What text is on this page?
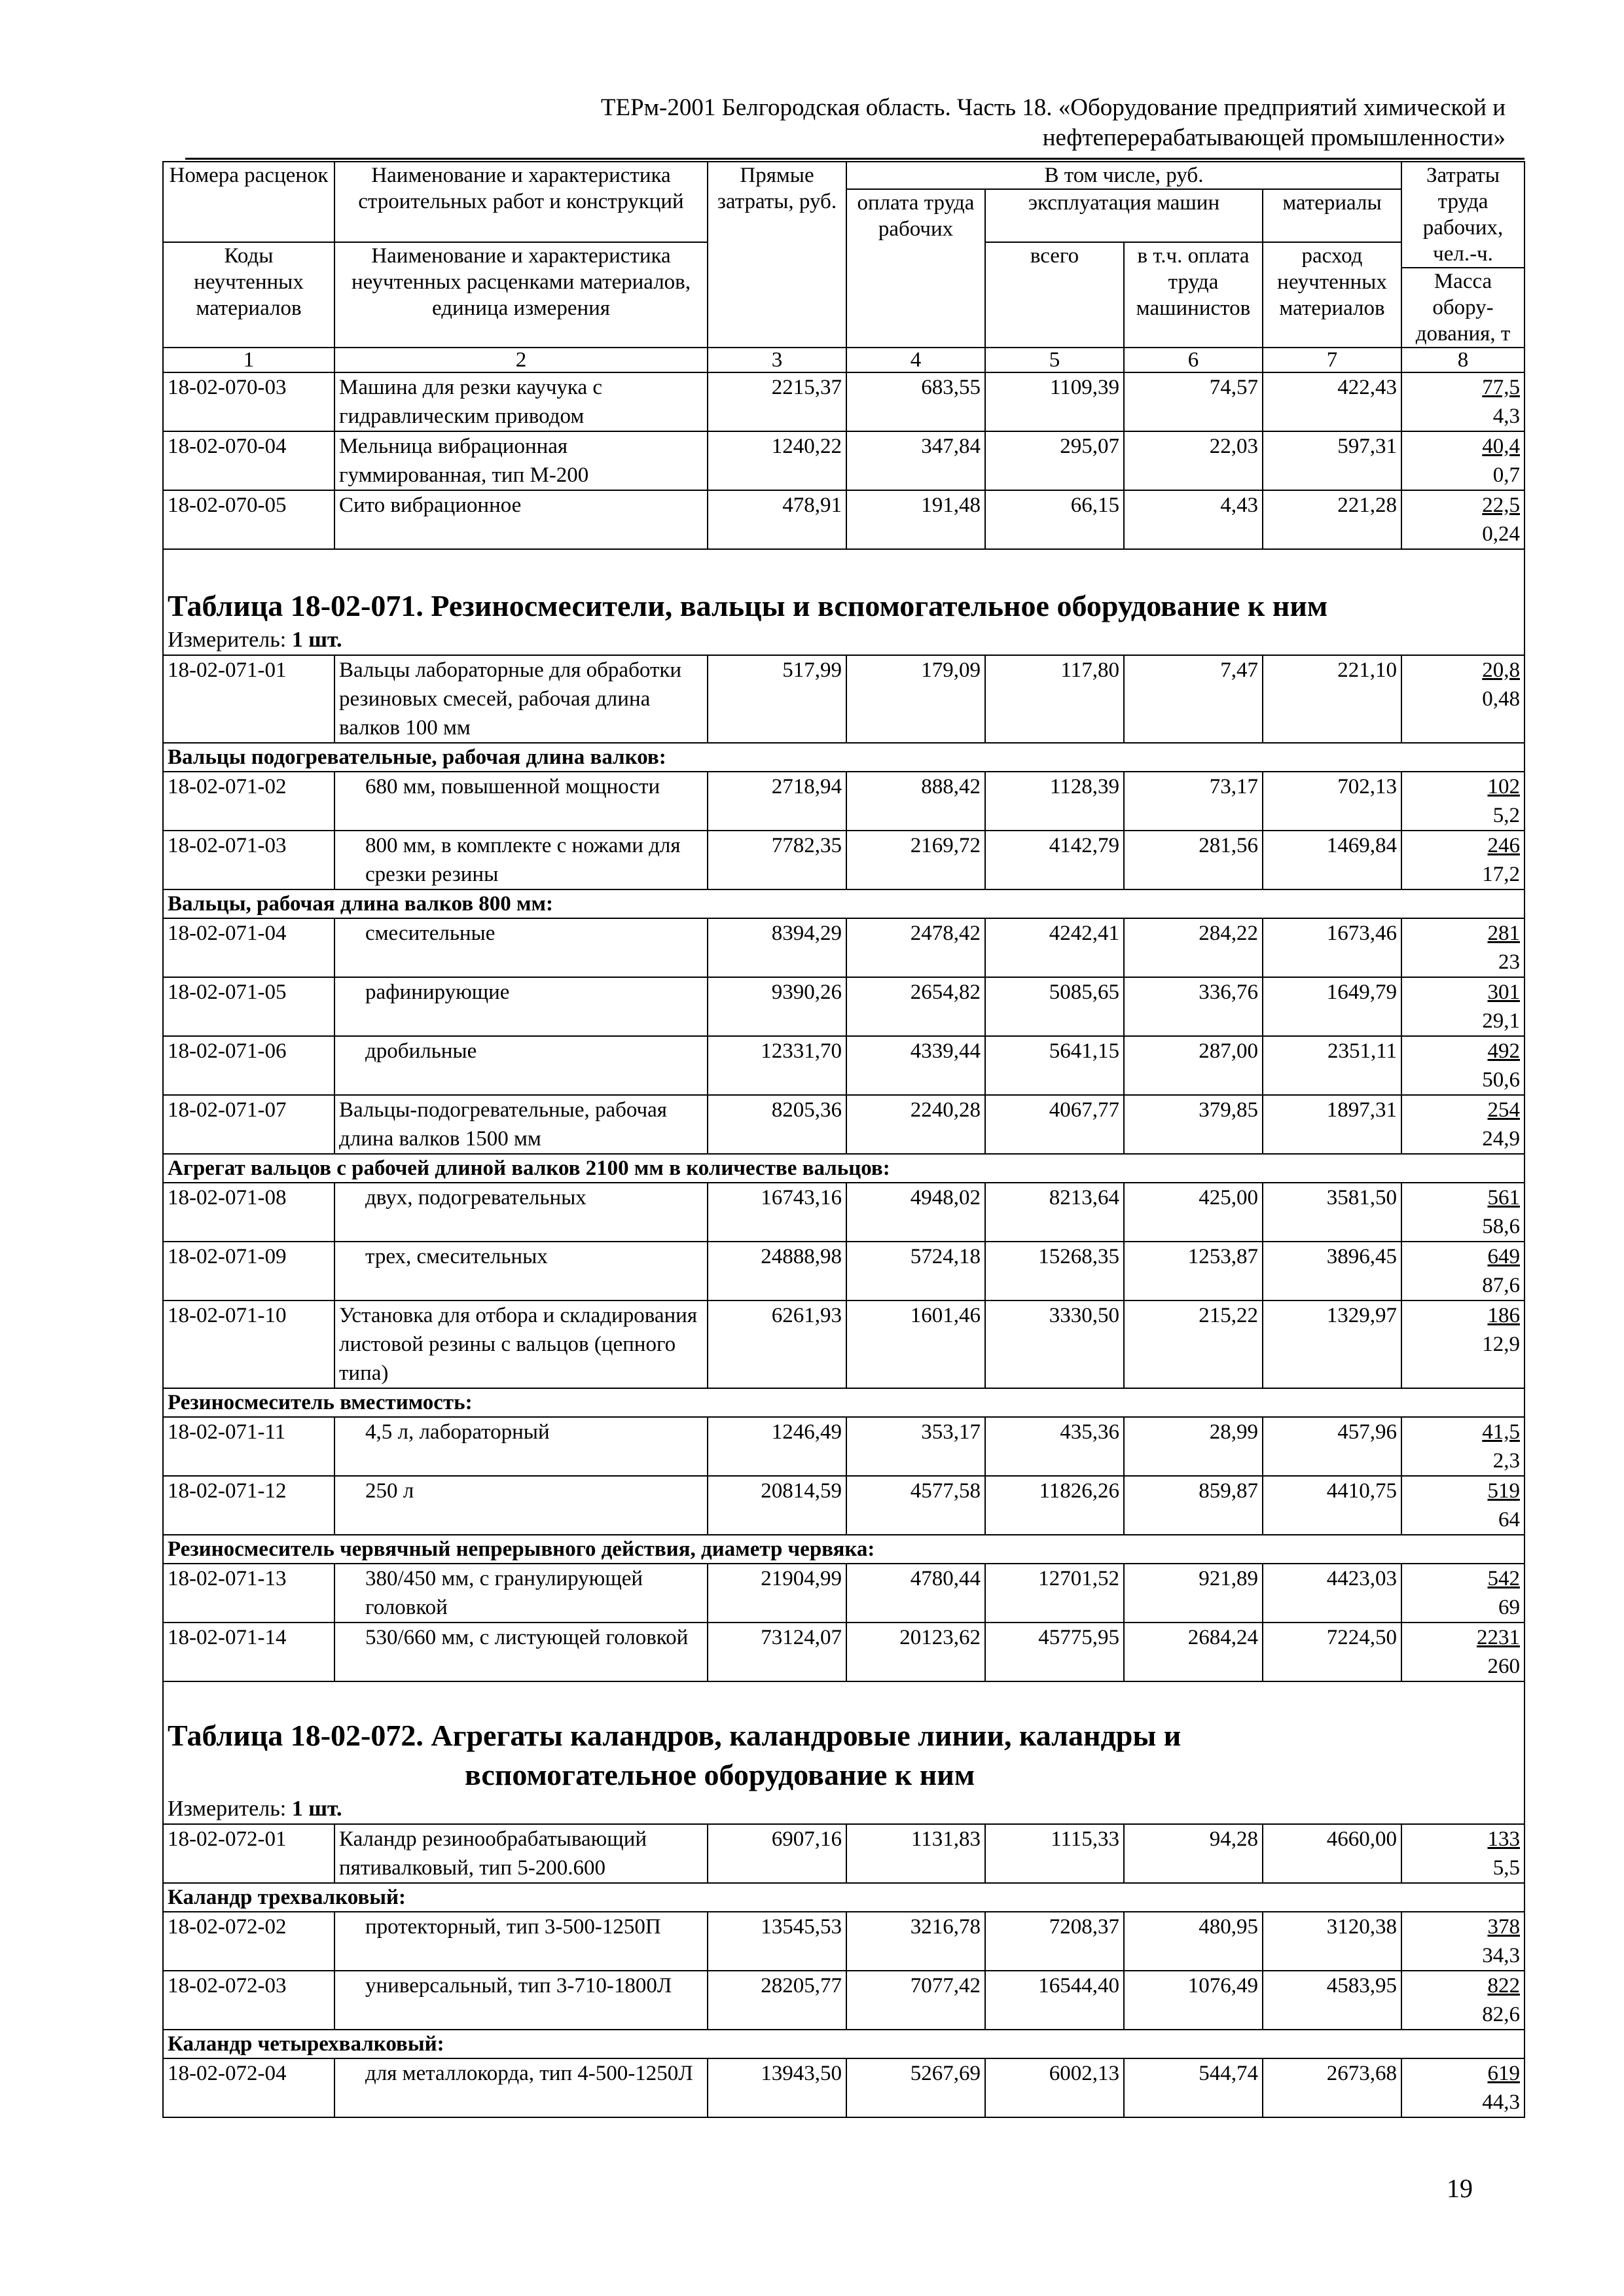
ТЕРм-2001 Белгородская область. Часть 18. «Оборудование предприятий химической и
нефтеперерабатывающей промышленности»
Номера расценок	Наименование и характеристика строительных работ и конструкций	Прямые затраты, руб.	В том числе, руб.				Затраты труда рабочих, чел.-ч.
			оплата труда рабочих	эксплуатация машин		материалы	
Коды неучтенных материалов	Наименование и характеристика неучтенных расценками материалов, единица измерения			всего	в т.ч. оплата труда машинистов	расход неучтенных материалов	
							Масса обору-дования, т
1	2	3	4	5	6	7	8
18-02-070-03	Машина для резки каучука с гидравлическим приводом	2215,37	683,55	1109,39	74,57	422,43	77,5
4,3

18-02-070-04	Мельница вибрационная гуммированная, тип М-200	1240,22	347,84	295,07	22,03	597,31	40,4
0,7

18-02-070-05	Сито вибрационное	478,91	191,48	66,15	4,43	221,28	22,5
0,24

Таблица 18-02-071. Резиносмесители, вальцы и вспомогательное оборудование к ним							
Измеритель: 1 шт.							
18-02-071-01	Вальцы лабораторные для обработки резиновых смесей, рабочая длина валков 100 мм	517,99	179,09	117,80	7,47	221,10	20,8
0,48

Вальцы подогревательные, рабочая длина валков:							
18-02-071-02	680 мм, повышенной мощности	2718,94	888,42	1128,39	73,17	702,13	102
5,2

18-02-071-03	800 мм, в комплекте с ножами для срезки резины	7782,35	2169,72	4142,79	281,56	1469,84	246
17,2

Вальцы, рабочая длина валков 800 мм:							
18-02-071-04	смесительные	8394,29	2478,42	4242,41	284,22	1673,46	281
23

18-02-071-05	рафинирующие	9390,26	2654,82	5085,65	336,76	1649,79	301
29,1

18-02-071-06	дробильные	12331,70	4339,44	5641,15	287,00	2351,11	492
50,6

18-02-071-07	Вальцы-подогревательные, рабочая длина валков 1500 мм	8205,36	2240,28	4067,77	379,85	1897,31	254
24,9

Агрегат вальцов с рабочей длиной валков 2100 мм в количестве вальцов:							
18-02-071-08	двух, подогревательных	16743,16	4948,02	8213,64	425,00	3581,50	561
58,6

18-02-071-09	трех, смесительных	24888,98	5724,18	15268,35	1253,87	3896,45	649
87,6

18-02-071-10	Установка для отбора и складирования листовой резины с вальцов (цепного типа)	6261,93	1601,46	3330,50	215,22	1329,97	186
12,9

Резиносмеситель вместимость:							
18-02-071-11	4,5 л, лабораторный	1246,49	353,17	435,36	28,99	457,96	41,5
2,3

18-02-071-12	250 л	20814,59	4577,58	11826,26	859,87	4410,75	519
64

Резиносмеситель червячный непрерывного действия, диаметр червяка:							
18-02-071-13	380/450 мм, с гранулирующей головкой	21904,99	4780,44	12701,52	921,89	4423,03	542
69

18-02-071-14	530/660 мм, с листующей головкой	73124,07	20123,62	45775,95	2684,24	7224,50	2231
260

Таблица 18-02-072. Агрегаты каландров, каландровые линии, каландры и							
вспомогательное оборудование к ним							
Измеритель: 1 шт.							
18-02-072-01	Каландр резинообрабатывающий пятивалковый, тип 5-200.600	6907,16	1131,83	1115,33	94,28	4660,00	133
5,5

Каландр трехвалковый:							
18-02-072-02	протекторный, тип 3-500-1250П	13545,53	3216,78	7208,37	480,95	3120,38	378
34,3

18-02-072-03	универсальный, тип 3-710-1800Л	28205,77	7077,42	16544,40	1076,49	4583,95	822
82,6

Каландр четырехвалковый:							
18-02-072-04	для металлокорда, тип 4-500-1250Л	13943,50	5267,69	6002,13	544,74	2673,68	619
44,3
19
